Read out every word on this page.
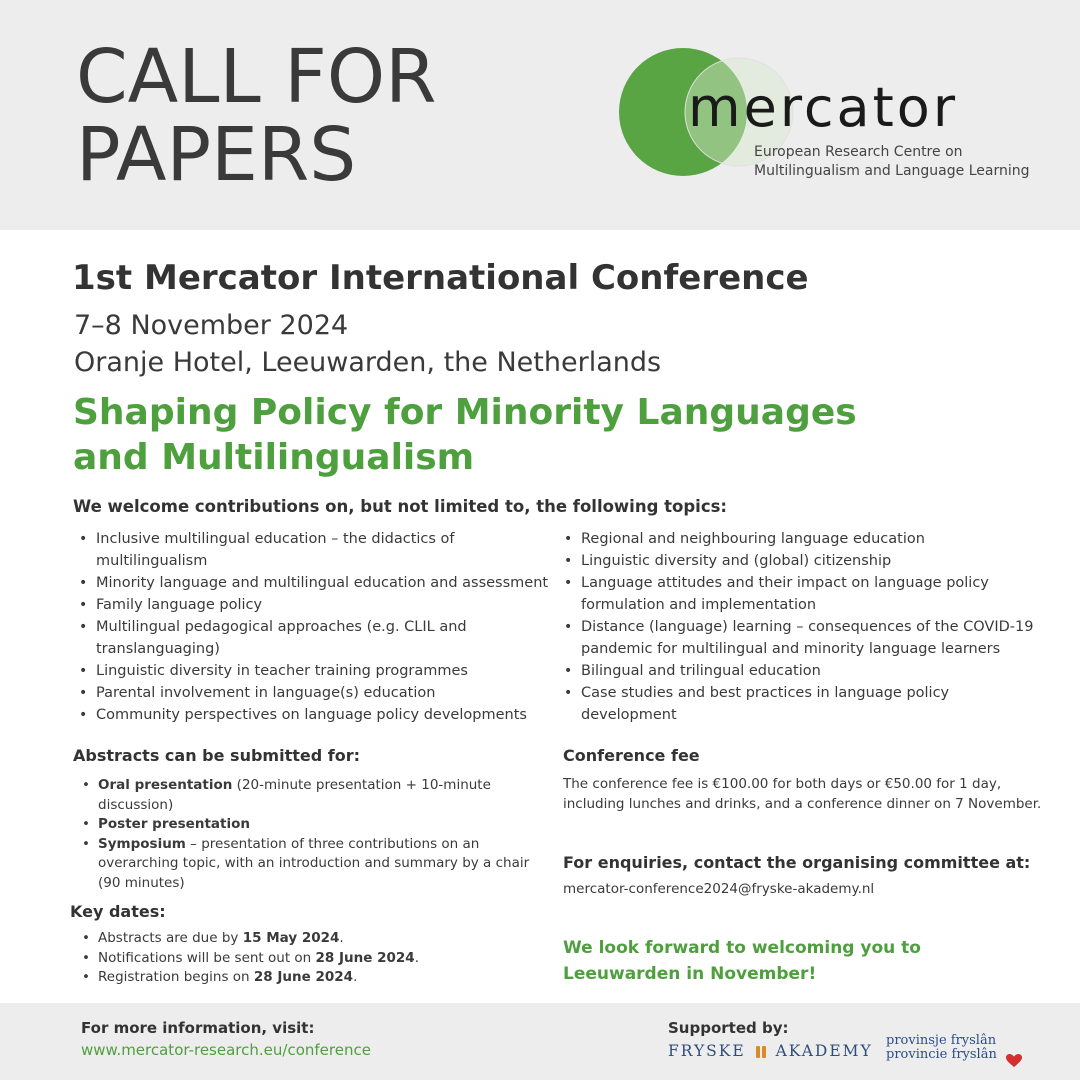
CALL FOR
PAPERS
mercator
European Research Centre on
Multilingualism and Language Learning
1st Mercator International Conference
7–8 November 2024
Oranje Hotel, Leeuwarden, the Netherlands
Shaping Policy for Minority Languages
and Multilingualism
We welcome contributions on, but not limited to, the following topics:
• Inclusive multilingual education – the didactics of multilingualism
• Minority language and multilingual education and assessment
• Family language policy
• Multilingual pedagogical approaches (e.g. CLIL and translanguaging)
• Linguistic diversity in teacher training programmes
• Parental involvement in language(s) education
• Community perspectives on language policy developments
• Regional and neighbouring language education
• Linguistic diversity and (global) citizenship
• Language attitudes and their impact on language policy formulation and implementation
• Distance (language) learning – consequences of the COVID-19 pandemic for multilingual and minority language learners
• Bilingual and trilingual education
• Case studies and best practices in language policy development
Abstracts can be submitted for:
• Oral presentation (20-minute presentation + 10-minute discussion)
• Poster presentation
• Symposium – presentation of three contributions on an overarching topic, with an introduction and summary by a chair (90 minutes)
Key dates:
• Abstracts are due by 15 May 2024.
• Notifications will be sent out on 28 June 2024.
• Registration begins on 28 June 2024.
Conference fee
The conference fee is €100.00 for both days or €50.00 for 1 day, including lunches and drinks, and a conference dinner on 7 November.
For enquiries, contact the organising committee at:
mercator-conference2024@fryske-akademy.nl
We look forward to welcoming you to
Leeuwarden in November!
For more information, visit:
www.mercator-research.eu/conference
Supported by:
FRYSKE AKADEMY
provinsje fryslân
provincie fryslân
